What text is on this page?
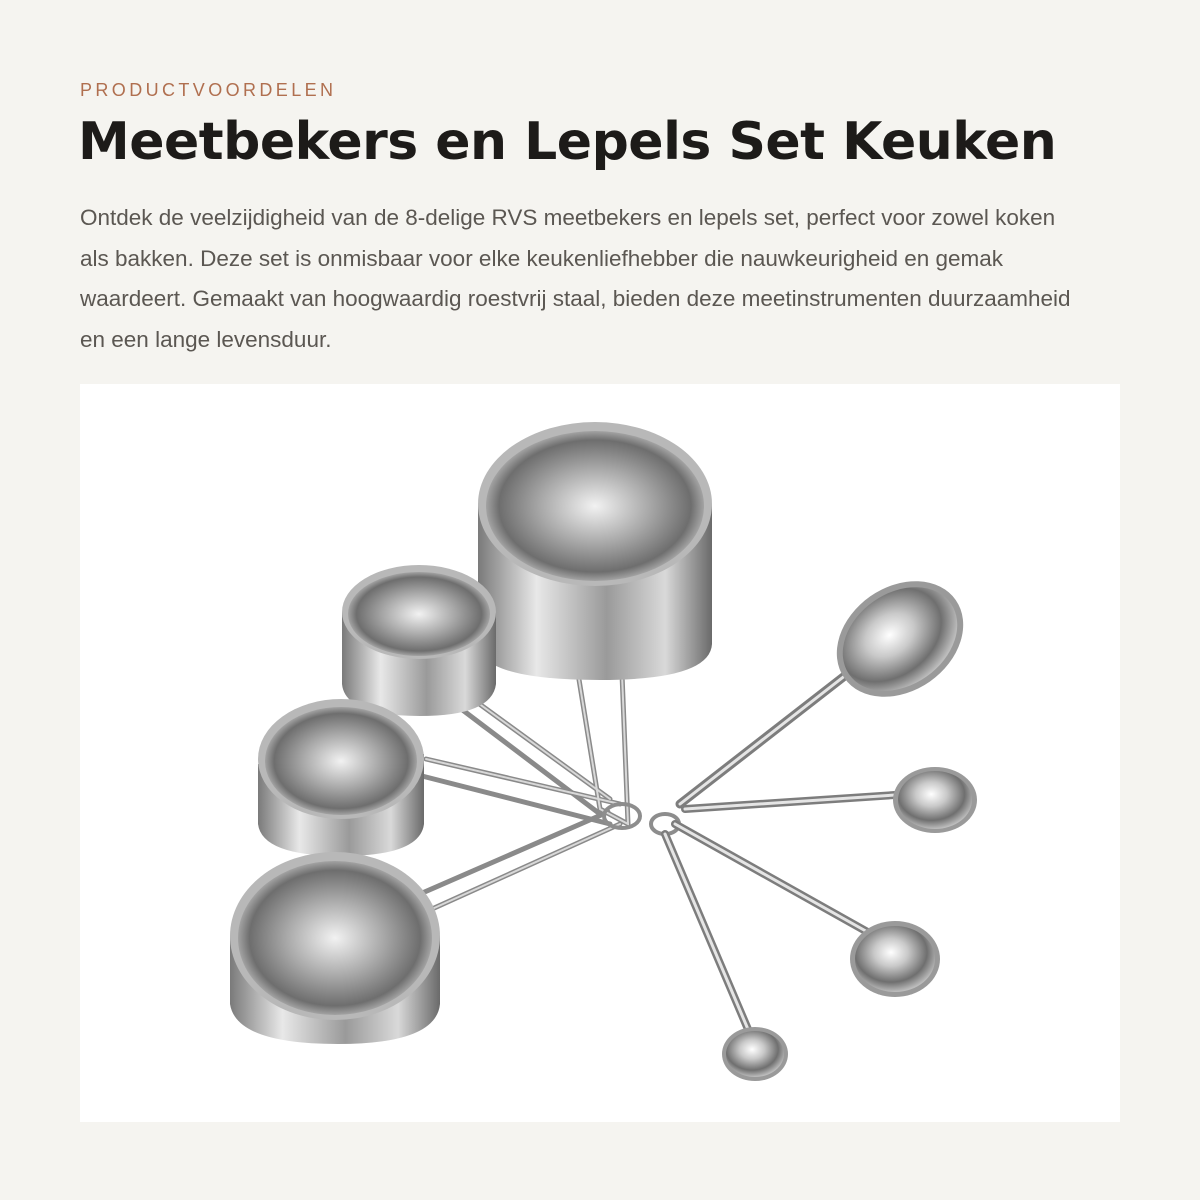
PRODUCTVOORDELEN
Meetbekers en Lepels Set Keuken

Ontdek de veelzijdigheid van de 8-delige RVS meetbekers en lepels set, perfect voor zowel koken als bakken. Deze set is onmisbaar voor elke keukenliefhebber die nauwkeurigheid en gemak waardeert. Gemaakt van hoogwaardig roestvrij staal, bieden deze meetinstrumenten duurzaamheid en een lange levensduur.
